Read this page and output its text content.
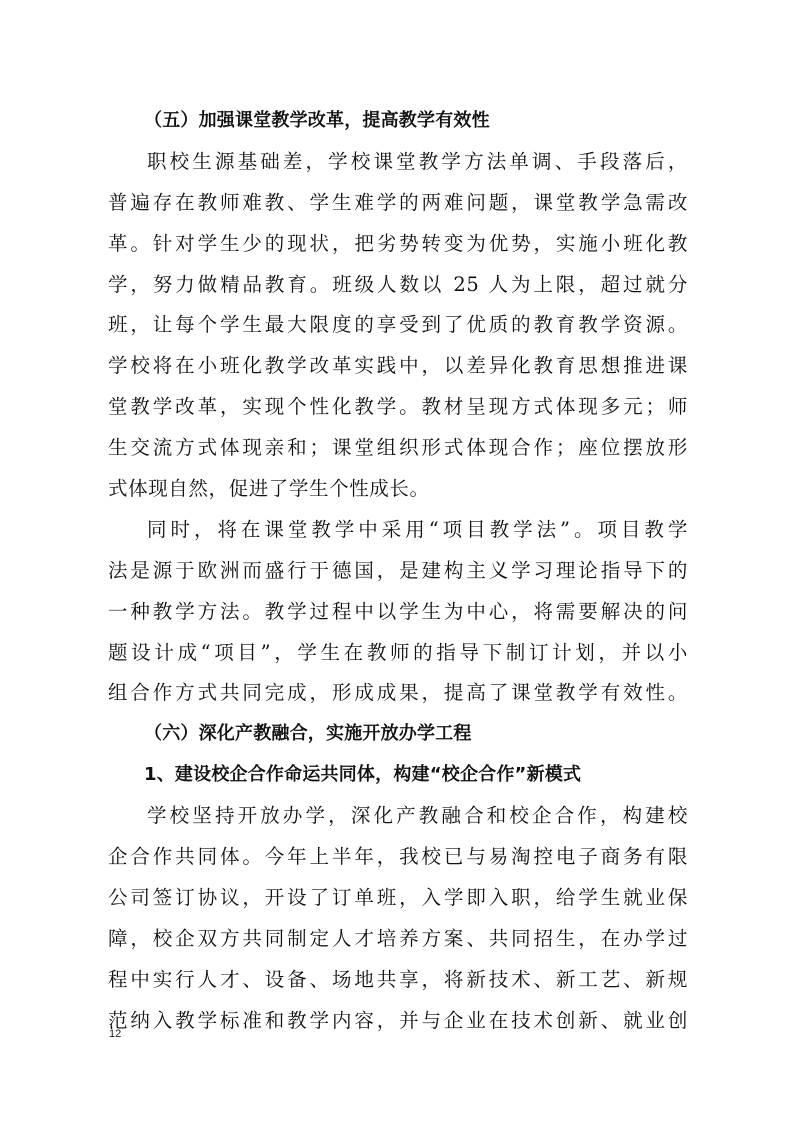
（五）加强课堂教学改革，提高教学有效性
职校生源基础差，学校课堂教学方法单调、手段落后，
普遍存在教师难教、学生难学的两难问题，课堂教学急需改
革。针对学生少的现状，把劣势转变为优势，实施小班化教
学，努力做精品教育。班级人数以 25 人为上限，超过就分
班，让每个学生最大限度的享受到了优质的教育教学资源。
学校将在小班化教学改革实践中，以差异化教育思想推进课
堂教学改革，实现个性化教学。教材呈现方式体现多元；师
生交流方式体现亲和；课堂组织形式体现合作；座位摆放形
式体现自然，促进了学生个性成长。
同时，将在课堂教学中采用“项目教学法”。项目教学
法是源于欧洲而盛行于德国，是建构主义学习理论指导下的
一种教学方法。教学过程中以学生为中心，将需要解决的问
题设计成“项目”，学生在教师的指导下制订计划，并以小
组合作方式共同完成，形成成果，提高了课堂教学有效性。
（六）深化产教融合，实施开放办学工程
1、建设校企合作命运共同体，构建“校企合作”新模式
学校坚持开放办学，深化产教融合和校企合作，构建校
企合作共同体。今年上半年，我校已与易淘控电子商务有限
公司签订协议，开设了订单班，入学即入职，给学生就业保
障，校企双方共同制定人才培养方案、共同招生，在办学过
程中实行人才、设备、场地共享，将新技术、新工艺、新规
范纳入教学标准和教学内容，并与企业在技术创新、就业创
12
